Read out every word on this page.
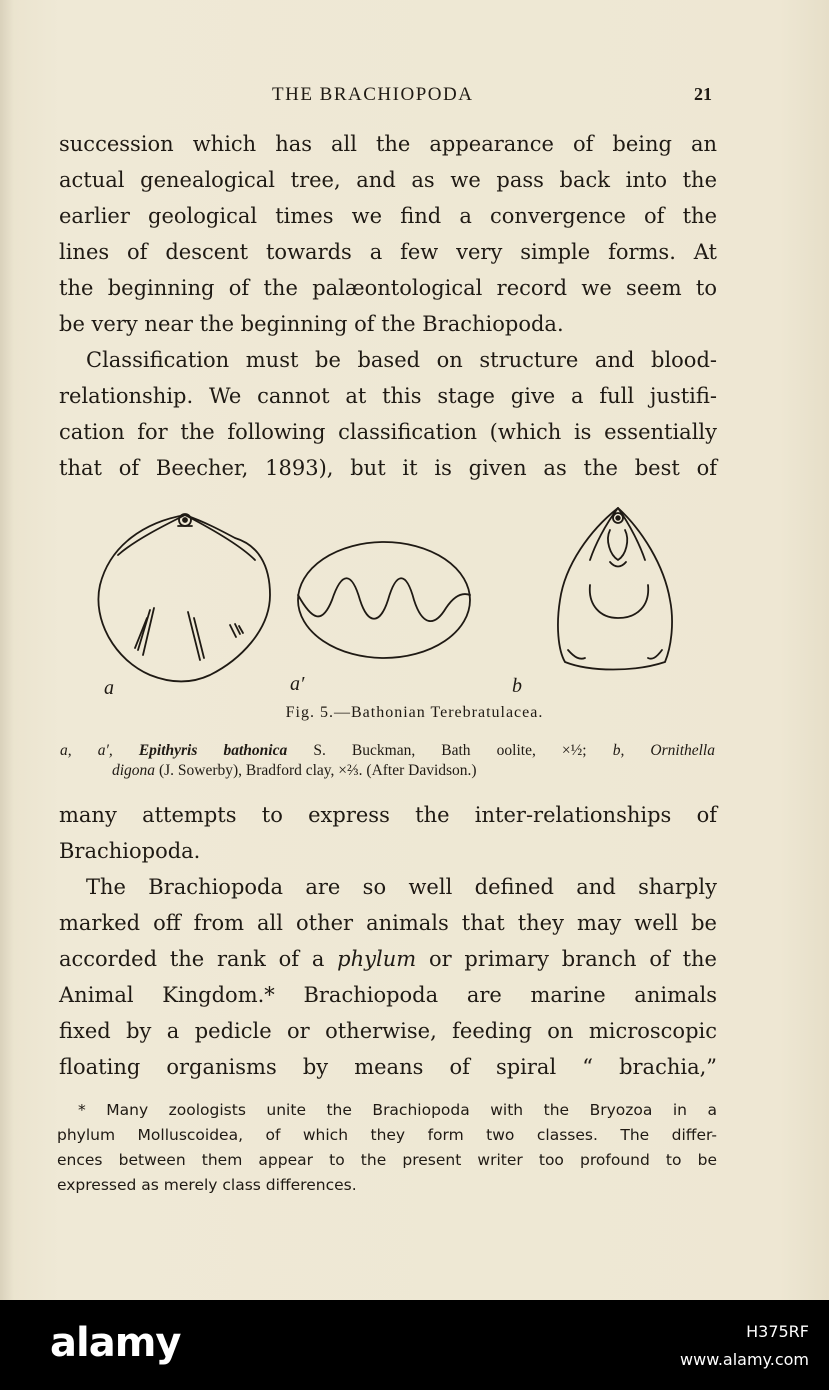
THE BRACHIOPODA	21
succession which has all the appearance of being an
actual genealogical tree, and as we pass back into the
earlier geological times we find a convergence of the
lines of descent towards a few very simple forms. At
the beginning of the palæontological record we seem to
be very near the beginning of the Brachiopoda.
Classification must be based on structure and blood-
relationship. We cannot at this stage give a full justifi-
cation for the following classification (which is essentially
that of Beecher, 1893), but it is given as the best of
a	a′	b
Fig. 5.—Bathonian Terebratulacea.
a, a′, Epithyris bathonica S. Buckman, Bath oolite, ×½; b, Ornithella
digona (J. Sowerby), Bradford clay, ×⅔. (After Davidson.)
many attempts to express the inter-relationships of
Brachiopoda.
The Brachiopoda are so well defined and sharply
marked off from all other animals that they may well be
accorded the rank of a phylum or primary branch of the
Animal Kingdom.* Brachiopoda are marine animals
fixed by a pedicle or otherwise, feeding on microscopic
floating organisms by means of spiral “ brachia,”
* Many zoologists unite the Brachiopoda with the Bryozoa in a
phylum Molluscoidea, of which they form two classes. The differ-
ences between them appear to the present writer too profound to be
expressed as merely class differences.
alamy	H375RF
www.alamy.com
